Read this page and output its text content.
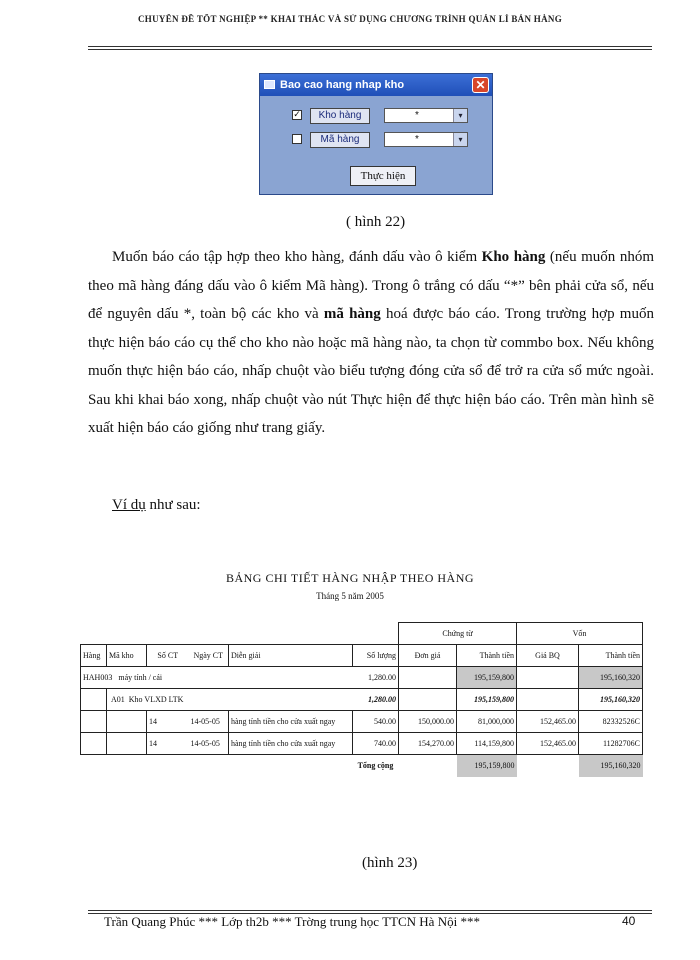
CHUYÊN ĐỀ TỐT NGHIỆP ** KHAI THÁC VÀ SỬ DỤNG CHƯƠNG TRÌNH QUẢN LÍ BÁN HÀNG
Bao cao hang nhap kho	✕
✓	Kho hàng	*	▾
Mã hàng	*	▾
Thực hiện
( hình 22)
Muốn báo cáo tập hợp theo kho hàng, đánh dấu vào ô kiểm Kho hàng (nếu muốn nhóm theo mã hàng đáng dấu vào ô kiểm Mã hàng). Trong ô trắng có dấu “*” bên phải cửa sổ, nếu để nguyên dấu *, toàn bộ các kho và mã hàng hoá được báo cáo. Trong trường hợp muốn thực hiện báo cáo cụ thể cho kho nào hoặc mã hàng nào, ta chọn từ commbo box. Nếu không muốn thực hiện báo cáo, nhấp chuột vào biểu tượng đóng cửa sổ để trở ra cửa sổ mức ngoài. Sau khi khai báo xong, nhấp chuột vào nút Thực hiện để thực hiện báo cáo. Trên màn hình sẽ xuất hiện báo cáo giống như trang giấy.
Ví dụ như sau:
BẢNG CHI TIẾT HÀNG NHẬP THEO HÀNG
Tháng 5 năm 2005
						Chứng từ		Vốn	
Hàng	Mã kho	Số CT	Ngày CT	Diễn giải	Số lượng	Đơn giá	Thành tiền	Giá BQ	Thành tiền
HAH003 máy tính / cái					1,280.00		195,159,800		195,160,320
	A01 Kho VLXD LTK				1,280.00		195,159,800		195,160,320
		14	14-05-05	hàng tính tiền cho cửa xuất ngay	540.00	150,000.00	81,000,000	152,465.00	82332526C
		14	14-05-05	hàng tính tiền cho cửa xuất ngay	740.00	154,270.00	114,159,800	152,465.00	11282706C
					Tổng cộng		195,159,800		195,160,320
(hình 23)
Trần Quang Phúc *** Lớp th2b *** Trờng trung học TTCN Hà Nội ***	40
